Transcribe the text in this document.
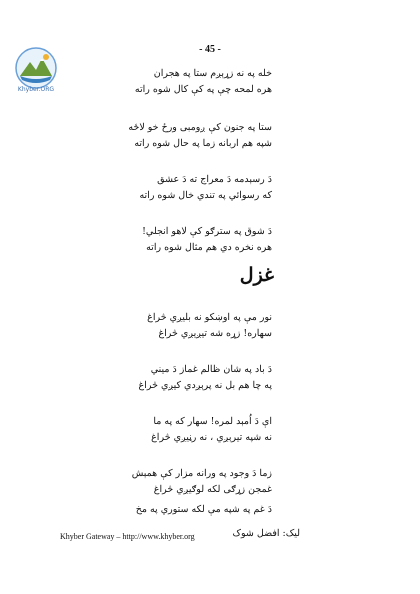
Khyber.ORG
- 45 -
خله په نه زړېږم ستا په هجران
هره لمحه چې په کې کال شوه راته
ستا په جنون کې ږومبی ورځ خو لاځه
شپه هم اربانه زما په حال شوه راته
دَ رسېدمه دَ معراج ته دَ عشق
که رسوائي په تندي خال شوه راته
دَ شوق په سترګو کې لاهو انجلي!
هره نخره دي هم مثال شوه راته
غزل
نور مې په اوښکو نه بليږي څراغ
سهاره! زړه شه تيږيږي څراغ
دَ باد په شان ظالم غماز دَ ميني
په چا هم بل نه پرېږدي کيږي څراغ
اې دَ اُمېد لمره! سهار که په ما
نه شپه تيرېږي ، نه رڼيږي څراغ
زما دَ وجود په ورانه مزار کې همېش
غمجن زړګی لکه لوګيږي څراغ
دَ غم په شپه مې لکه ستوري په مخ
Khyber Gateway – http://www.khyber.org	ليک: افضل شوک
